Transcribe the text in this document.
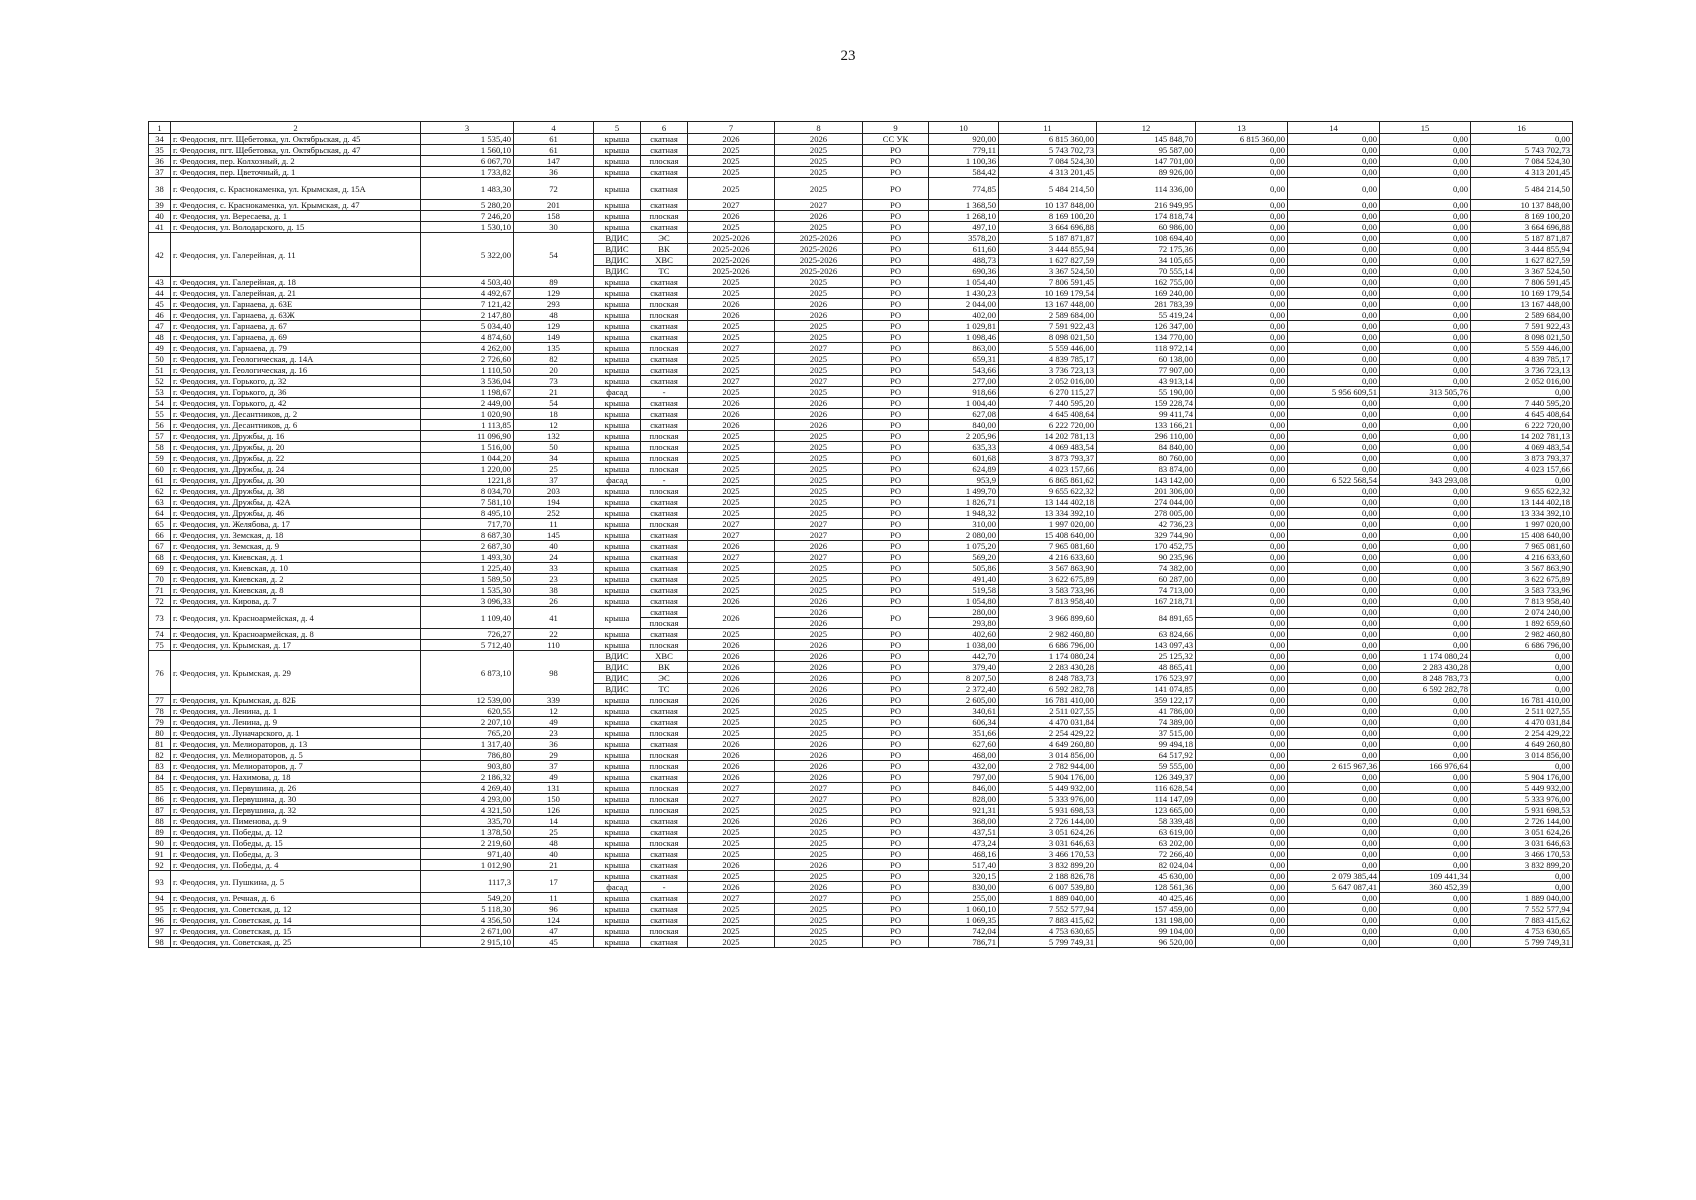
23
1	2	3	4	5	6	7	8	9	10	11	12	13	14	15	16
34	г. Феодосия, пгт. Щебетовка, ул. Октябрьская, д. 45	1 535,40	61	крыша	скатная	2026	2026	СС УК	920,00	6 815 360,00	145 848,70	6 815 360,00	0,00	0,00	0,00
35	г. Феодосия, пгт. Щебетовка, ул. Октябрьская, д. 47	1 560,10	61	крыша	скатная	2025	2025	РО	779,11	5 743 702,73	95 587,00	0,00	0,00	0,00	5 743 702,73
36	г. Феодосия, пер. Колхозный, д. 2	6 067,70	147	крыша	плоская	2025	2025	РО	1 100,36	7 084 524,30	147 701,00	0,00	0,00	0,00	7 084 524,30
37	г. Феодосия, пер. Цветочный, д. 1	1 733,82	36	крыша	скатная	2025	2025	РО	584,42	4 313 201,45	89 926,00	0,00	0,00	0,00	4 313 201,45
38	г. Феодосия, с. Краснокаменка, ул. Крымская, д. 15А	1 483,30	72	крыша	скатная	2025	2025	РО	774,85	5 484 214,50	114 336,00	0,00	0,00	0,00	5 484 214,50
39	г. Феодосия, с. Краснокаменка, ул. Крымская, д. 47	5 280,20	201	крыша	скатная	2027	2027	РО	1 368,50	10 137 848,00	216 949,95	0,00	0,00	0,00	10 137 848,00
40	г. Феодосия, ул. Вересаева, д. 1	7 246,20	158	крыша	плоская	2026	2026	РО	1 268,10	8 169 100,20	174 818,74	0,00	0,00	0,00	8 169 100,20
41	г. Феодосия, ул. Володарского, д. 15	1 530,10	30	крыша	скатная	2025	2025	РО	497,10	3 664 696,88	60 986,00	0,00	0,00	0,00	3 664 696,88
42	г. Феодосия, ул. Галерейная, д. 11	5 322,00	54	ВДИС	ЭС	2025-2026	2025-2026	РО	3578,20	5 187 871,87	108 694,40	0,00	0,00	0,00	5 187 871,87
				ВДИС	ВК	2025-2026	2025-2026	РО	611,60	3 444 855,94	72 175,36	0,00	0,00	0,00	3 444 855,94
				ВДИС	ХВС	2025-2026	2025-2026	РО	488,73	1 627 827,59	34 105,65	0,00	0,00	0,00	1 627 827,59
				ВДИС	ТС	2025-2026	2025-2026	РО	690,36	3 367 524,50	70 555,14	0,00	0,00	0,00	3 367 524,50
43	г. Феодосия, ул. Галерейная, д. 18	4 503,40	89	крыша	скатная	2025	2025	РО	1 054,40	7 806 591,45	162 755,00	0,00	0,00	0,00	7 806 591,45
44	г. Феодосия, ул. Галерейная, д. 21	4 492,67	129	крыша	скатная	2025	2025	РО	1 430,23	10 169 179,54	169 240,00	0,00	0,00	0,00	10 169 179,54
45	г. Феодосия, ул. Гарнаева, д. 63Е	7 121,42	293	крыша	плоская	2026	2026	РО	2 044,00	13 167 448,00	281 783,39	0,00	0,00	0,00	13 167 448,00
46	г. Феодосия, ул. Гарнаева, д. 63Ж	2 147,80	48	крыша	плоская	2026	2026	РО	402,00	2 589 684,00	55 419,24	0,00	0,00	0,00	2 589 684,00
47	г. Феодосия, ул. Гарнаева, д. 67	5 034,40	129	крыша	скатная	2025	2025	РО	1 029,81	7 591 922,43	126 347,00	0,00	0,00	0,00	7 591 922,43
48	г. Феодосия, ул. Гарнаева, д. 69	4 874,60	149	крыша	скатная	2025	2025	РО	1 098,46	8 098 021,50	134 770,00	0,00	0,00	0,00	8 098 021,50
49	г. Феодосия, ул. Гарнаева, д. 79	4 262,00	135	крыша	плоская	2027	2027	РО	863,00	5 559 446,00	118 972,14	0,00	0,00	0,00	5 559 446,00
50	г. Феодосия, ул. Геологическая, д. 14А	2 726,60	82	крыша	скатная	2025	2025	РО	659,31	4 839 785,17	60 138,00	0,00	0,00	0,00	4 839 785,17
51	г. Феодосия, ул. Геологическая, д. 16	1 110,50	20	крыша	скатная	2025	2025	РО	543,66	3 736 723,13	77 907,00	0,00	0,00	0,00	3 736 723,13
52	г. Феодосия, ул. Горького, д. 32	3 536,04	73	крыша	скатная	2027	2027	РО	277,00	2 052 016,00	43 913,14	0,00	0,00	0,00	2 052 016,00
53	г. Феодосия, ул. Горького, д. 36	1 198,67	21	фасад	-	2025	2025	РО	918,66	6 270 115,27	55 190,00	0,00	5 956 609,51	313 505,76	0,00
54	г. Феодосия, ул. Горького, д. 42	2 449,00	54	крыша	скатная	2026	2026	РО	1 004,40	7 440 595,20	159 228,74	0,00	0,00	0,00	7 440 595,20
55	г. Феодосия, ул. Десантников, д. 2	1 020,90	18	крыша	скатная	2026	2026	РО	627,08	4 645 408,64	99 411,74	0,00	0,00	0,00	4 645 408,64
56	г. Феодосия, ул. Десантников, д. 6	1 113,85	12	крыша	скатная	2026	2026	РО	840,00	6 222 720,00	133 166,21	0,00	0,00	0,00	6 222 720,00
57	г. Феодосия, ул. Дружбы, д. 16	11 096,90	132	крыша	плоская	2025	2025	РО	2 205,96	14 202 781,13	296 110,00	0,00	0,00	0,00	14 202 781,13
58	г. Феодосия, ул. Дружбы, д. 20	1 516,00	50	крыша	плоская	2025	2025	РО	635,33	4 069 483,54	84 840,00	0,00	0,00	0,00	4 069 483,54
59	г. Феодосия, ул. Дружбы, д. 22	1 044,20	34	крыша	плоская	2025	2025	РО	601,68	3 873 793,37	80 760,00	0,00	0,00	0,00	3 873 793,37
60	г. Феодосия, ул. Дружбы, д. 24	1 220,00	25	крыша	плоская	2025	2025	РО	624,89	4 023 157,66	83 874,00	0,00	0,00	0,00	4 023 157,66
61	г. Феодосия, ул. Дружбы, д. 30	1221,8	37	фасад	-	2025	2025	РО	953,9	6 865 861,62	143 142,00	0,00	6 522 568,54	343 293,08	0,00
62	г. Феодосия, ул. Дружбы, д. 38	8 034,70	203	крыша	плоская	2025	2025	РО	1 499,70	9 655 622,32	201 306,00	0,00	0,00	0,00	9 655 622,32
63	г. Феодосия, ул. Дружбы, д. 42А	7 581,10	194	крыша	скатная	2025	2025	РО	1 826,71	13 144 402,18	274 044,00	0,00	0,00	0,00	13 144 402,18
64	г. Феодосия, ул. Дружбы, д. 46	8 495,10	252	крыша	скатная	2025	2025	РО	1 948,32	13 334 392,10	278 005,00	0,00	0,00	0,00	13 334 392,10
65	г. Феодосия, ул. Желябова, д. 17	717,70	11	крыша	плоская	2027	2027	РО	310,00	1 997 020,00	42 736,23	0,00	0,00	0,00	1 997 020,00
66	г. Феодосия, ул. Земская, д. 18	8 687,30	145	крыша	скатная	2027	2027	РО	2 080,00	15 408 640,00	329 744,90	0,00	0,00	0,00	15 408 640,00
67	г. Феодосия, ул. Земская, д. 9	2 687,30	40	крыша	скатная	2026	2026	РО	1 075,20	7 965 081,60	170 452,75	0,00	0,00	0,00	7 965 081,60
68	г. Феодосия, ул. Киевская, д. 1	1 493,30	24	крыша	скатная	2027	2027	РО	569,20	4 216 633,60	90 235,96	0,00	0,00	0,00	4 216 633,60
69	г. Феодосия, ул. Киевская, д. 10	1 225,40	33	крыша	скатная	2025	2025	РО	505,86	3 567 863,90	74 382,00	0,00	0,00	0,00	3 567 863,90
70	г. Феодосия, ул. Киевская, д. 2	1 589,50	23	крыша	скатная	2025	2025	РО	491,40	3 622 675,89	60 287,00	0,00	0,00	0,00	3 622 675,89
71	г. Феодосия, ул. Киевская, д. 8	1 535,30	38	крыша	скатная	2025	2025	РО	519,58	3 583 733,96	74 713,00	0,00	0,00	0,00	3 583 733,96
72	г. Феодосия, ул. Кирова, д. 7	3 096,33	26	крыша	скатная	2026	2026	РО	1 054,80	7 813 958,40	167 218,71	0,00	0,00	0,00	7 813 958,40
73	г. Феодосия, ул. Красноармейская, д. 4	1 109,40	41	крыша	скатная	2026	2026	РО	280,00	3 966 899,60	84 891,65	0,00	0,00	0,00	2 074 240,00
					плоская		2026		293,80			0,00	0,00	0,00	1 892 659,60
74	г. Феодосия, ул. Красноармейская, д. 8	726,27	22	крыша	скатная	2025	2025	РО	402,60	2 982 460,80	63 824,66	0,00	0,00	0,00	2 982 460,80
75	г. Феодосия, ул. Крымская, д. 17	5 712,40	110	крыша	плоская	2026	2026	РО	1 038,00	6 686 796,00	143 097,43	0,00	0,00	0,00	6 686 796,00
76	г. Феодосия, ул. Крымская, д. 29	6 873,10	98	ВДИС	ХВС	2026	2026	РО	442,70	1 174 080,24	25 125,32	0,00	0,00	1 174 080,24	0,00
				ВДИС	ВК	2026	2026	РО	379,40	2 283 430,28	48 865,41	0,00	0,00	2 283 430,28	0,00
				ВДИС	ЭС	2026	2026	РО	8 207,50	8 248 783,73	176 523,97	0,00	0,00	8 248 783,73	0,00
				ВДИС	ТС	2026	2026	РО	2 372,40	6 592 282,78	141 074,85	0,00	0,00	6 592 282,78	0,00
77	г. Феодосия, ул. Крымская, д. 82Б	12 539,00	339	крыша	плоская	2026	2026	РО	2 605,00	16 781 410,00	359 122,17	0,00	0,00	0,00	16 781 410,00
78	г. Феодосия, ул. Ленина, д. 1	620,55	12	крыша	скатная	2025	2025	РО	340,61	2 511 027,55	41 786,00	0,00	0,00	0,00	2 511 027,55
79	г. Феодосия, ул. Ленина, д. 9	2 207,10	49	крыша	скатная	2025	2025	РО	606,34	4 470 031,84	74 389,00	0,00	0,00	0,00	4 470 031,84
80	г. Феодосия, ул. Луначарского, д. 1	765,20	23	крыша	плоская	2025	2025	РО	351,66	2 254 429,22	37 515,00	0,00	0,00	0,00	2 254 429,22
81	г. Феодосия, ул. Мелиораторов, д. 13	1 317,40	36	крыша	скатная	2026	2026	РО	627,60	4 649 260,80	99 494,18	0,00	0,00	0,00	4 649 260,80
82	г. Феодосия, ул. Мелиораторов, д. 5	786,80	29	крыша	плоская	2026	2026	РО	468,00	3 014 856,00	64 517,92	0,00	0,00	0,00	3 014 856,00
83	г. Феодосия, ул. Мелиораторов, д. 7	903,80	37	крыша	плоская	2026	2026	РО	432,00	2 782 944,00	59 555,00	0,00	2 615 967,36	166 976,64	0,00
84	г. Феодосия, ул. Нахимова, д. 18	2 186,32	49	крыша	скатная	2026	2026	РО	797,00	5 904 176,00	126 349,37	0,00	0,00	0,00	5 904 176,00
85	г. Феодосия, ул. Первушина, д. 26	4 269,40	131	крыша	плоская	2027	2027	РО	846,00	5 449 932,00	116 628,54	0,00	0,00	0,00	5 449 932,00
86	г. Феодосия, ул. Первушина, д. 30	4 293,00	150	крыша	плоская	2027	2027	РО	828,00	5 333 976,00	114 147,09	0,00	0,00	0,00	5 333 976,00
87	г. Феодосия, ул. Первушина, д. 32	4 321,50	126	крыша	плоская	2025	2025	РО	921,31	5 931 698,53	123 665,00	0,00	0,00	0,00	5 931 698,53
88	г. Феодосия, ул. Пименова, д. 9	335,70	14	крыша	скатная	2026	2026	РО	368,00	2 726 144,00	58 339,48	0,00	0,00	0,00	2 726 144,00
89	г. Феодосия, ул. Победы, д. 12	1 378,50	25	крыша	скатная	2025	2025	РО	437,51	3 051 624,26	63 619,00	0,00	0,00	0,00	3 051 624,26
90	г. Феодосия, ул. Победы, д. 15	2 219,60	48	крыша	плоская	2025	2025	РО	473,24	3 031 646,63	63 202,00	0,00	0,00	0,00	3 031 646,63
91	г. Феодосия, ул. Победы, д. 3	971,40	40	крыша	скатная	2025	2025	РО	468,16	3 466 170,53	72 266,40	0,00	0,00	0,00	3 466 170,53
92	г. Феодосия, ул. Победы, д. 4	1 012,90	21	крыша	скатная	2026	2026	РО	517,40	3 832 899,20	82 024,04	0,00	0,00	0,00	3 832 899,20
93	г. Феодосия, ул. Пушкина, д. 5	1117,3	17	крыша	скатная	2025	2025	РО	320,15	2 188 826,78	45 630,00	0,00	2 079 385,44	109 441,34	0,00
				фасад	-	2026	2026	РО	830,00	6 007 539,80	128 561,36	0,00	5 647 087,41	360 452,39	0,00
94	г. Феодосия, ул. Речная, д. 6	549,20	11	крыша	скатная	2027	2027	РО	255,00	1 889 040,00	40 425,46	0,00	0,00	0,00	1 889 040,00
95	г. Феодосия, ул. Советская, д. 12	5 118,30	96	крыша	скатная	2025	2025	РО	1 060,10	7 552 577,94	157 459,00	0,00	0,00	0,00	7 552 577,94
96	г. Феодосия, ул. Советская, д. 14	4 356,50	124	крыша	скатная	2025	2025	РО	1 069,35	7 883 415,62	131 198,00	0,00	0,00	0,00	7 883 415,62
97	г. Феодосия, ул. Советская, д. 15	2 671,00	47	крыша	плоская	2025	2025	РО	742,04	4 753 630,65	99 104,00	0,00	0,00	0,00	4 753 630,65
98	г. Феодосия, ул. Советская, д. 25	2 915,10	45	крыша	скатная	2025	2025	РО	786,71	5 799 749,31	96 520,00	0,00	0,00	0,00	5 799 749,31
